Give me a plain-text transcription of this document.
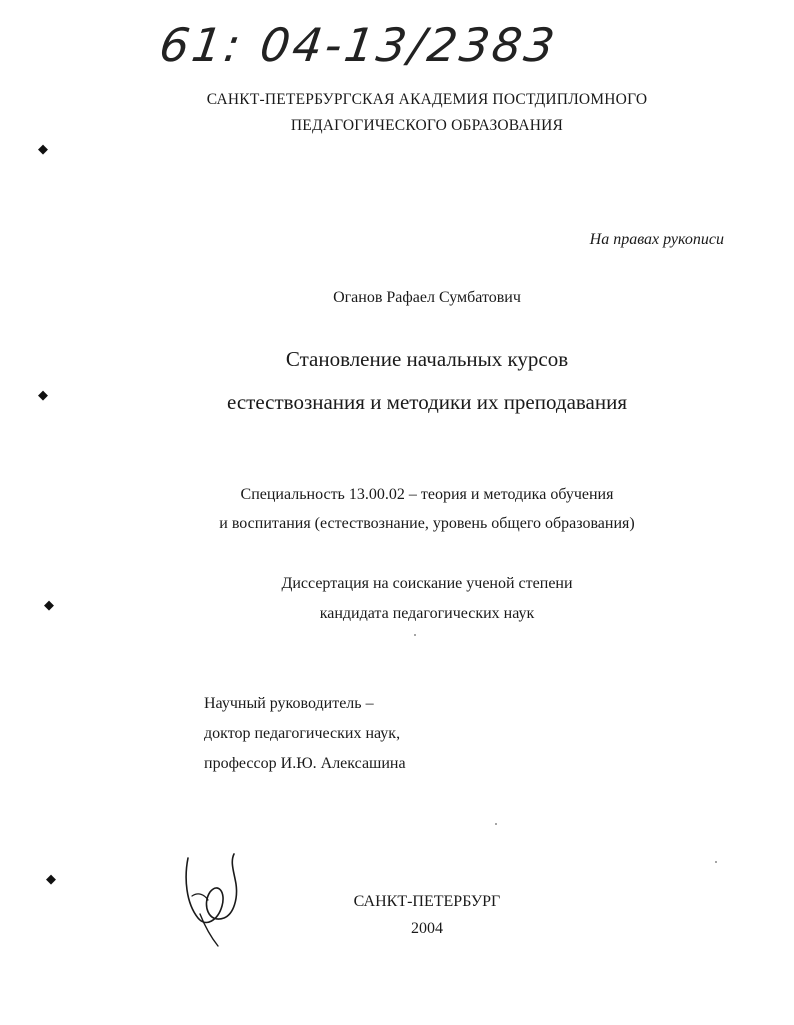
61: 04-13/2383
САНКТ-ПЕТЕРБУРГСКАЯ АКАДЕМИЯ ПОСТДИПЛОМНОГО
ПЕДАГОГИЧЕСКОГО ОБРАЗОВАНИЯ
На правах рукописи
Оганов Рафаел Сумбатович
Становление начальных курсов
естествознания и методики их преподавания
Специальность 13.00.02 – теория и методика обучения
и воспитания (естествознание, уровень общего образования)
Диссертация на соискание ученой степени
кандидата педагогических наук
Научный руководитель –
доктор педагогических наук,
профессор И.Ю. Алексашина
САНКТ-ПЕТЕРБУРГ
2004
◆
◆
◆
◆
